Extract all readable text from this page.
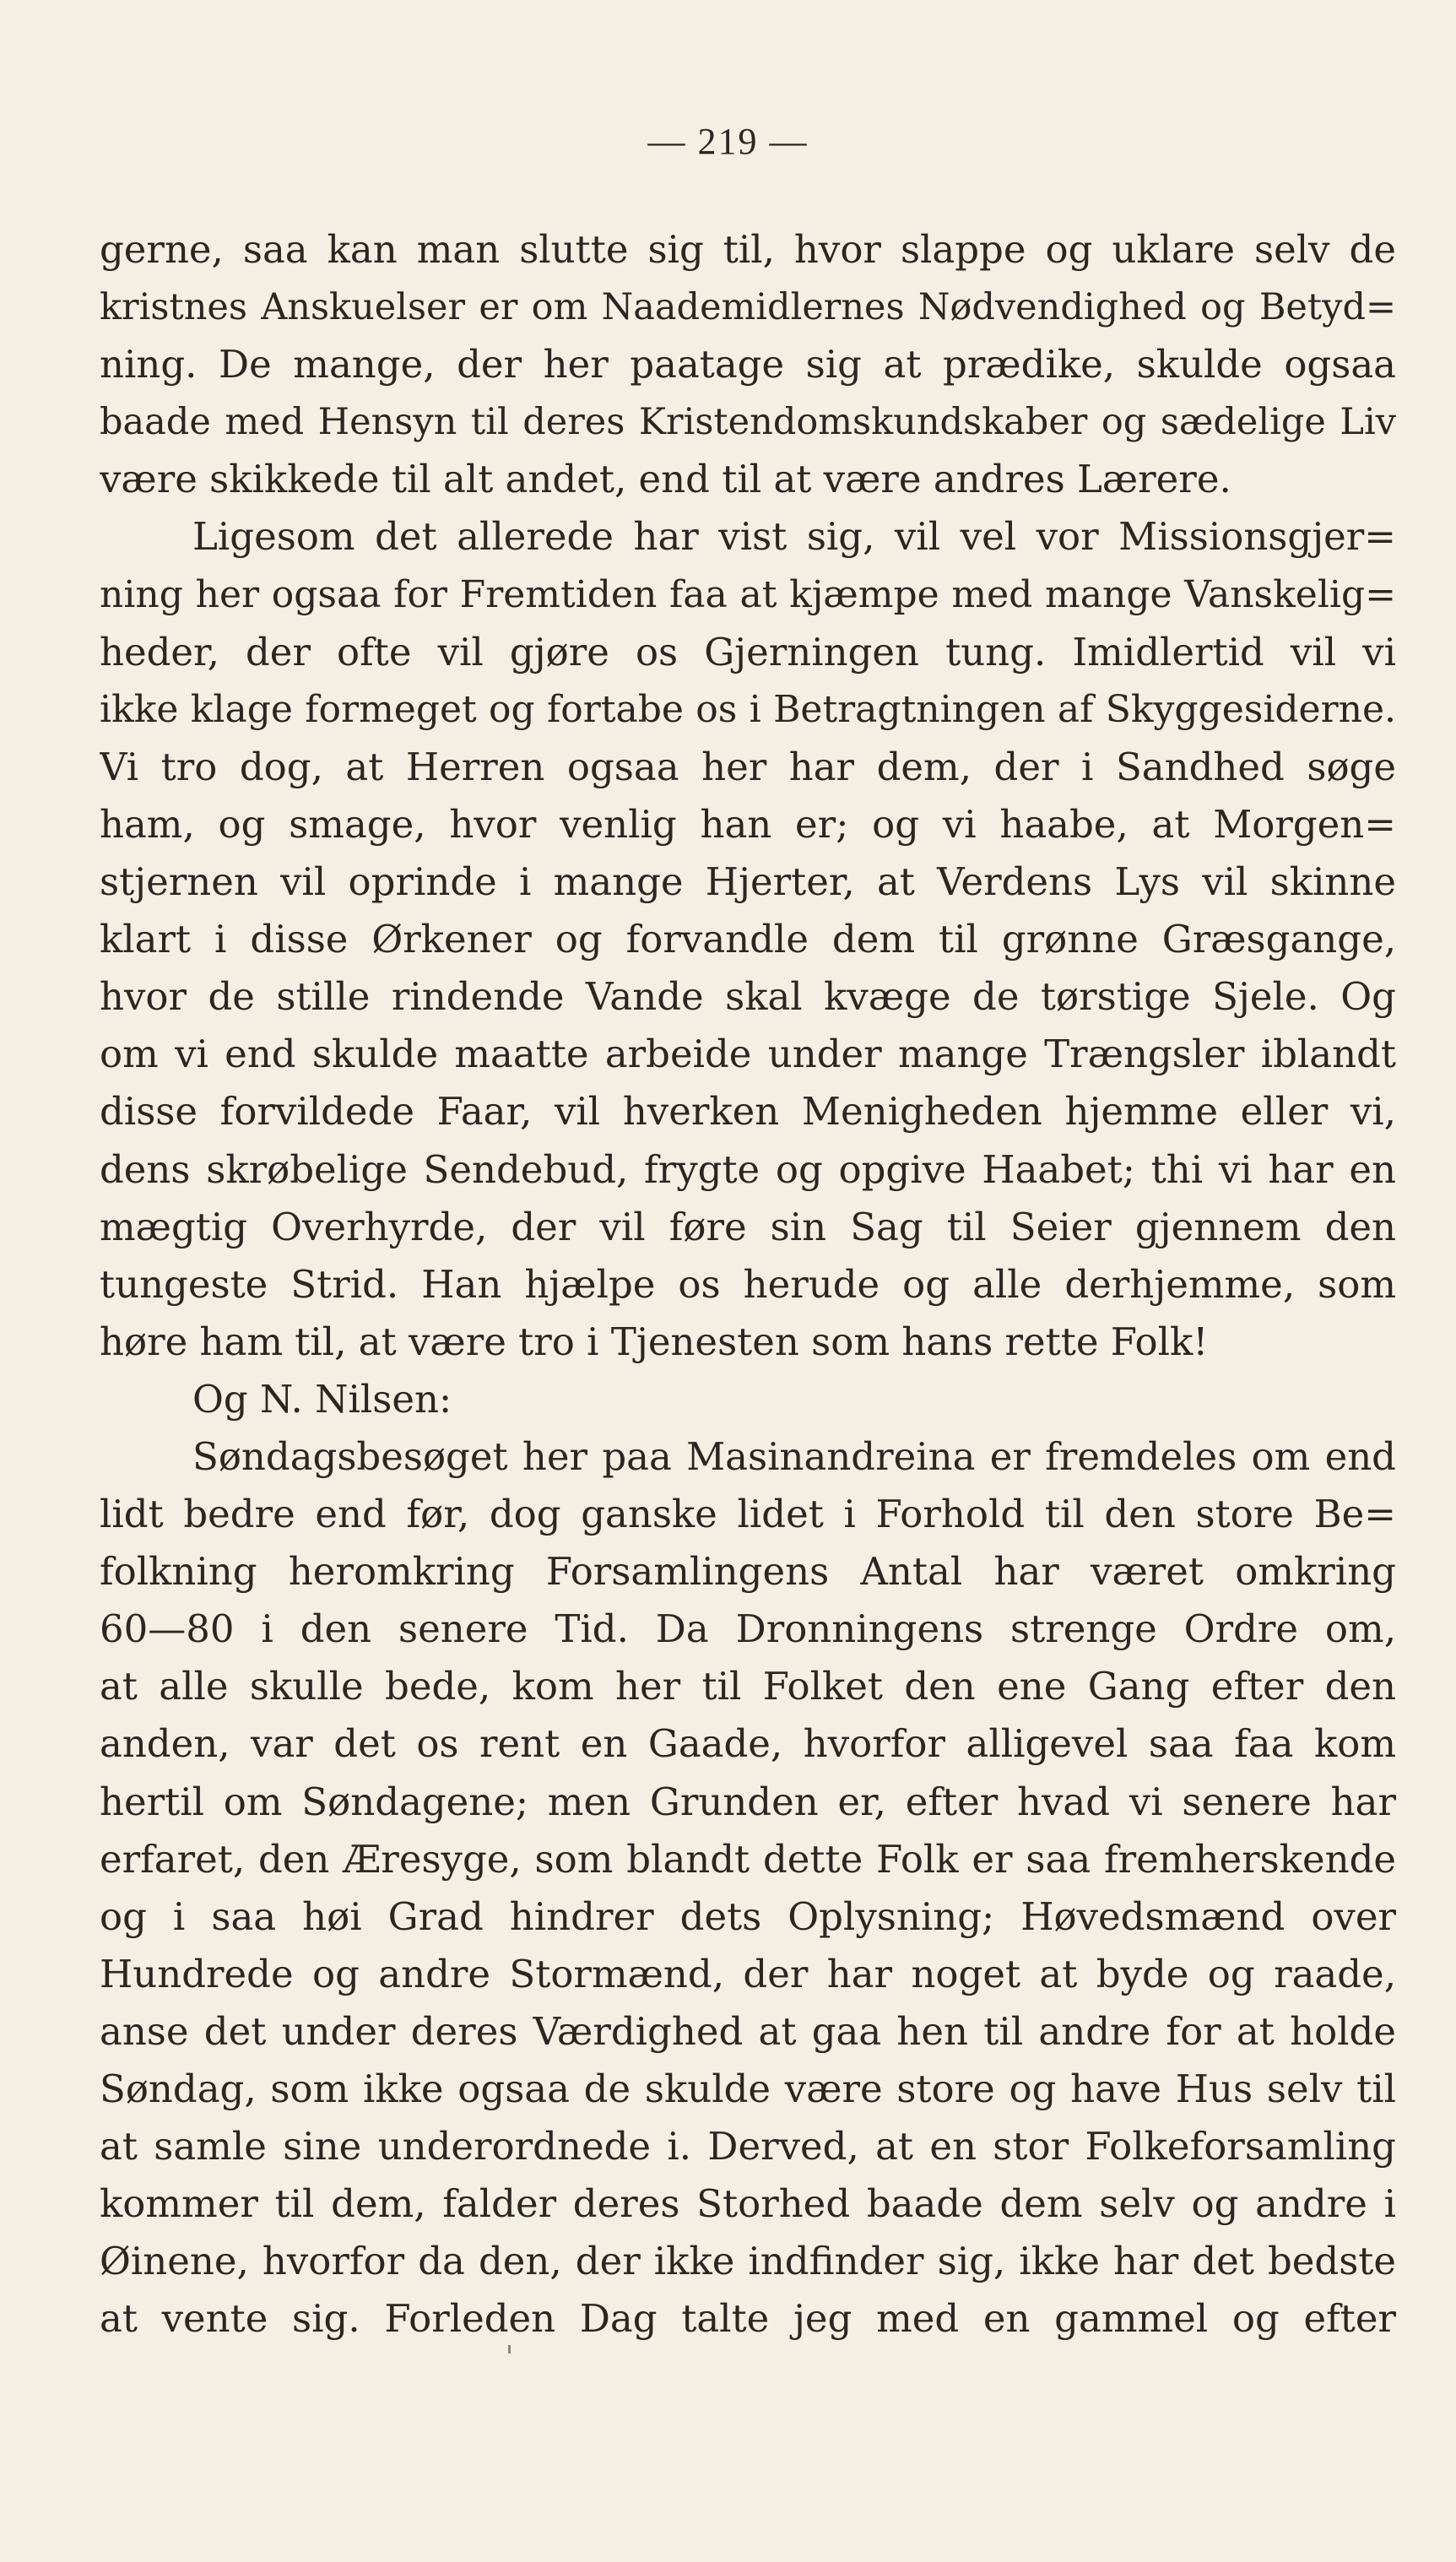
— 219 —
gerne, saa kan man slutte sig til, hvor slappe og uklare selv de
kristnes Anskuelser er om Naademidlernes Nødvendighed og Betyd=
ning. De mange, der her paatage sig at prædike, skulde ogsaa
baade med Hensyn til deres Kristendomskundskaber og sædelige Liv
være skikkede til alt andet, end til at være andres Lærere.
Ligesom det allerede har vist sig, vil vel vor Missionsgjer=
ning her ogsaa for Fremtiden faa at kjæmpe med mange Vanskelig=
heder, der ofte vil gjøre os Gjerningen tung. Imidlertid vil vi
ikke klage formeget og fortabe os i Betragtningen af Skyggesiderne.
Vi tro dog, at Herren ogsaa her har dem, der i Sandhed søge
ham, og smage, hvor venlig han er; og vi haabe, at Morgen=
stjernen vil oprinde i mange Hjerter, at Verdens Lys vil skinne
klart i disse Ørkener og forvandle dem til grønne Græsgange,
hvor de stille rindende Vande skal kvæge de tørstige Sjele. Og
om vi end skulde maatte arbeide under mange Trængsler iblandt
disse forvildede Faar, vil hverken Menigheden hjemme eller vi,
dens skrøbelige Sendebud, frygte og opgive Haabet; thi vi har en
mægtig Overhyrde, der vil føre sin Sag til Seier gjennem den
tungeste Strid. Han hjælpe os herude og alle derhjemme, som
høre ham til, at være tro i Tjenesten som hans rette Folk!
Og N. Nilsen:
Søndagsbesøget her paa Masinandreina er fremdeles om end
lidt bedre end før, dog ganske lidet i Forhold til den store Be=
folkning heromkring Forsamlingens Antal har været omkring
60—80 i den senere Tid. Da Dronningens strenge Ordre om,
at alle skulle bede, kom her til Folket den ene Gang efter den
anden, var det os rent en Gaade, hvorfor alligevel saa faa kom
hertil om Søndagene; men Grunden er, efter hvad vi senere har
erfaret, den Æresyge, som blandt dette Folk er saa fremherskende
og i saa høi Grad hindrer dets Oplysning; Høvedsmænd over
Hundrede og andre Stormænd, der har noget at byde og raade,
anse det under deres Værdighed at gaa hen til andre for at holde
Søndag, som ikke ogsaa de skulde være store og have Hus selv til
at samle sine underordnede i. Derved, at en stor Folkeforsamling
kommer til dem, falder deres Storhed baade dem selv og andre i
Øinene, hvorfor da den, der ikke indfinder sig, ikke har det bedste
at vente sig. Forleden Dag talte jeg med en gammel og efter
